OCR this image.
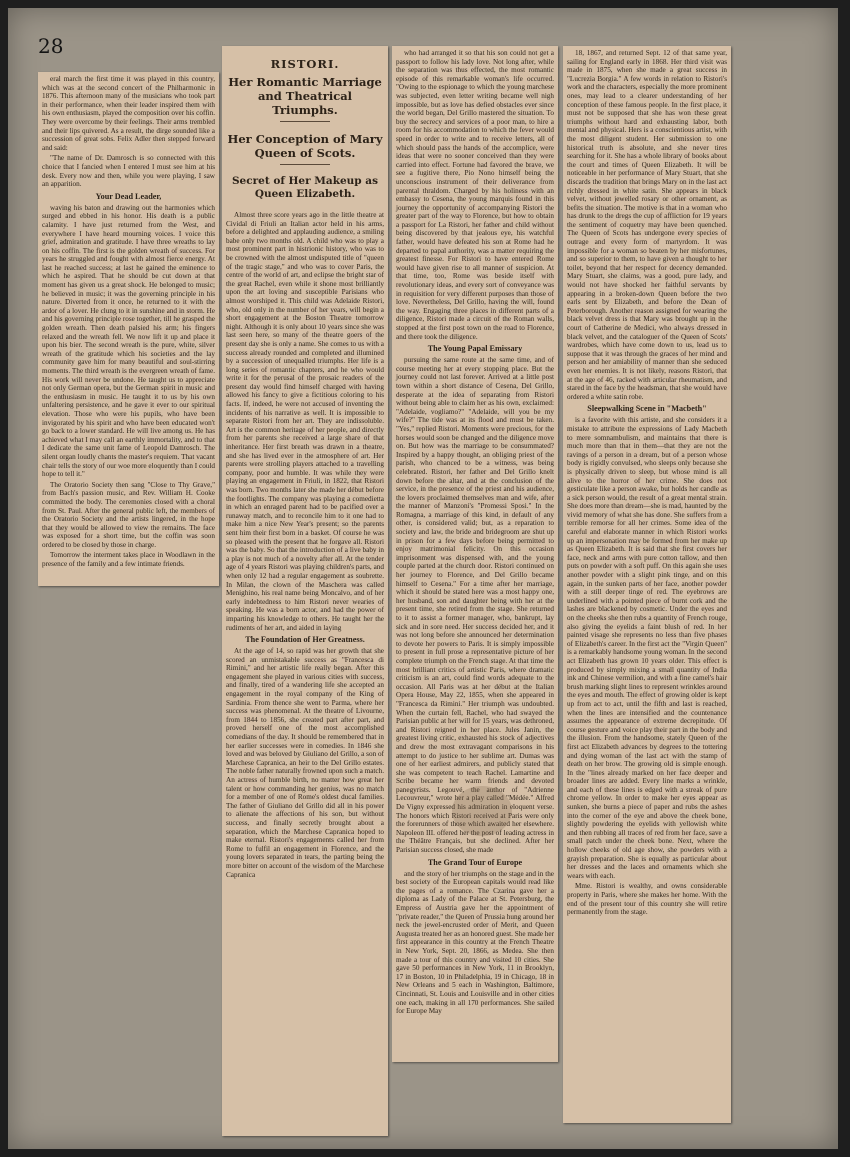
28

eral march the first time it was played in this country, which was at the second concert of the Philharmonic in 1876. This afternoon many of the musicians who took part in their performance, when their leader inspired them with his own enthusiasm, played the composition over his coffin. They were overcome by their feelings. Their arms trembled and their lips quivered. As a result, the dirge sounded like a succession of great sobs. Felix Adler then stepped forward and said:

"The name of Dr. Damrosch is so connected with this choice that I fancied when I entered I must see him at his desk. Every now and then, while you were playing, I saw an apparition.

Your Dead Leader,

waving his baton and drawing out the harmonies which surged and ebbed in his honor. His death is a public calamity. I have just returned from the West, and everywhere I have heard mourning voices. I voice this grief, admiration and gratitude. I have three wreaths to lay on his coffin. The first is the golden wreath of success. For years he struggled and fought with almost fierce energy. At last he reached success; at last he gained the eminence to which he aspired. That he should be cut down at that moment has given us a great shock. He belonged to music; he believed in music; it was the governing principle in his nature. Diverted from it once, he returned to it with the ardor of a lover. He clung to it in sunshine and in storm. He and his governing principle rose together, till he grasped the golden wreath. Then death palsied his arm; his fingers relaxed and the wreath fell. We now lift it up and place it upon his bier. The second wreath is the pure, white, silver wreath of the gratitude which his societies and the lay community gave him for many beautiful and soul-stirring moments. The third wreath is the evergreen wreath of fame. His work will never be undone. He taught us to appreciate not only German opera, but the German spirit in music and the enthusiasm in music. He taught it to us by his own unfaltering persistence, and he gave it ever to our spiritual elevation. Those who were his pupils, who have been invigorated by his spirit and who have been educated won't go back to a lower standard. He will live among us. He has achieved what I may call an earthly immortality, and to that I dedicate the same unit fame of Leopold Damrosch. The silent organ loudly chants the master's requiem. That vacant chair tells the story of our woe more eloquently than I could hope to tell it."

The Oratorio Society then sang "Close to Thy Grave," from Bach's passion music, and Rev. William H. Cooke committed the body. The ceremonies closed with a choral from St. Paul. After the general public left, the members of the Oratorio Society and the artists lingered, in the hope that they would be allowed to view the remains. The face was exposed for a short time, but the coffin was soon ordered to be closed by those in charge.

Tomorrow the interment takes place in Woodlawn in the presence of the family and a few intimate friends.

RISTORI.
Her Romantic Marriage and Theatrical Triumphs.
Her Conception of Mary Queen of Scots.
Secret of Her Makeup as Queen Elizabeth.

Almost three score years ago in the little theatre at Cividal di Friuli an Italian actor held in his arms, before a delighted and applauding audience, a smiling babe only two months old. A child who was to play a most prominent part in histrionic history, who was to be crowned with the almost undisputed title of "queen of the tragic stage," and who was to cover Paris, the centre of the world of art, and eclipse the bright star of the great Rachel, even while it shone most brilliantly upon the art loving and susceptible Parisians who almost worshiped it. This child was Adelaide Ristori, who, old only in the number of her years, will begin a short engagement at the Boston Theatre tomorrow night. Although it is only about 10 years since she was last seen here, so many of the theatre goers of the present day she is only a name. She comes to us with a success already rounded and completed and illumined by a succession of unequalled triumphs. Her life is a long series of romantic chapters, and he who would write it for the perusal of the prosaic readers of the present day would find himself charged with having allowed his fancy to give a fictitious coloring to his facts. If, indeed, he were not accused of inventing the incidents of his narrative as well. It is impossible to separate Ristori from her art. They are indissoluble. Art is the common heritage of her people, and directly from her parents she received a large share of that inheritance. Her first breath was drawn in a theatre, and she has lived ever in the atmosphere of art. Her parents were strolling players attached to a travelling company, poor and humble. It was while they were playing an engagement in Friuli, in 1822, that Ristori was born. Two months later she made her début before the footlights. The company was playing a comedietta in which an enraged parent had to be pacified over a runaway match, and to reconcile him to it one had to make him a nice New Year's present; so the parents sent him their first born in a basket. Of course he was so pleased with the present that he forgave all. Ristori was the baby. So that the introduction of a live baby in a play is not much of a novelty after all. At the tender age of 4 years Ristori was playing children's parts, and when only 12 had a regular engagement as soubrette. In Milan, the clown of the Maschera was called Menighino, his real name being Moncalvo, and of her early indebtedness to him Ristori never wearies of speaking. He was a born actor, and had the power of imparting his knowledge to others. He taught her the rudiments of her art, and aided in laying

The Foundation of Her Greatness.

At the age of 14, so rapid was her growth that she scored an unmistakable success as "Francesca di Rimini," and her artistic life really began. After this engagement she played in various cities with success, and finally, tired of a wandering life she accepted an engagement in the royal company of the King of Sardinia. From thence she went to Parma, where her success was phenomenal. At the theatre of Livourne, from 1844 to 1856, she created part after part, and proved herself one of the most accomplished comedians of the day. It should be remembered that in her earlier successes were in comedies. In 1846 she loved and was beloved by Giuliano del Grillo, a son of Marchese Capranica, an heir to the Del Grillo estates. The noble father naturally frowned upon such a match. An actress of humble birth, no matter how great her talent or how commanding her genius, was no match for a member of one of Rome's oldest ducal families. The father of Giuliano del Grillo did all in his power to alienate the affections of his son, but without success, and finally secretly brought about a separation, which the Marchese Capranica hoped to make eternal. Ristori's engagements called her from Rome to fulfil an engagement in Florence, and the young lovers separated in tears, the parting being the more bitter on account of the wisdom of the Marchese Capranica

who had arranged it so that his son could not get a passport to follow his lady love. Not long after, while the separation was thus effected, the most romantic episode of this remarkable woman's life occurred. "Owing to the espionage to which the young marchese was subjected, even letter writing became well nigh impossible, but as love has defied obstacles ever since the world began, Del Grillo mastered the situation. To buy the secrecy and services of a poor man, to hire a room for his accommodation to which the fever would speed in order to write and to receive letters, all of which should pass the hands of the accomplice, were ideas that were no sooner conceived than they were carried into effect. Fortune had favored the brave, we see a fugitive there, Pio Nono himself being the unconscious instrument of their deliverance from parental thraldom. Charged by his holiness with an embassy to Cesena, the young marquis found in this journey the opportunity of accompanying Ristori the greater part of the way to Florence, but how to obtain a passport for La Ristori, her father and child without being discovered by that jealous eye, his watchful father, would have defeated his son at Rome had he departed to papal authority, was a matter requiring the greatest finesse. For Ristori to have entered Rome would have given rise to all manner of suspicion. At that time, too, Rome was beside itself with revolutionary ideas, and every sort of conveyance was in requisition for very different purposes than those of love. Nevertheless, Del Grillo, having the will, found the way. Engaging three places in different parts of a diligence, Ristori made a circuit of the Roman walls, stopped at the first post town on the road to Florence, and there took the diligence.

The Young Papal Emissary

pursuing the same route at the same time, and of course meeting her at every stopping place. But the journey could not last forever. Arrived at a little post town within a short distance of Cesena, Del Grillo, desperate at the idea of separating from Ristori without being able to claim her as his own, exclaimed: "Adelaide, vogliamo?" "Adelaide, will you be my wife?" The tide was at its flood and must be taken. "Yes," replied Ristori. Moments were precious, for the horses would soon be changed and the diligence move on. But how was the marriage to be consummated? Inspired by a happy thought, an obliging priest of the parish, who chanced to be a witness, was being celebrated. Ristori, her father and Del Grillo knelt down before the altar, and at the conclusion of the service, in the presence of the priest and his audience, the lovers proclaimed themselves man and wife, after the manner of Manzoni's "Promessi Sposi." In the Romagna, a marriage of this kind, in default of any other, is considered valid; but, as a reparation to society and law, the bride and bridegroom are shut up in prison for a few days before being permitted to enjoy matrimonial felicity. On this occasion imprisonment was dispensed with, and the young couple parted at the church door. Ristori continued on her journey to Florence, and Del Grillo became himself to Cesena." For a time after her marriage, which it should be stated here was a most happy one, her husband, son and daughter being with her at the present time, she retired from the stage. She returned to it to assist a former manager, who, bankrupt, lay sick and in sore need. Her success decided her, and it was not long before she announced her determination to devote her powers to Paris. It is simply impossible to present in full prose a representative picture of her complete triumph on the French stage. At that time the most brilliant critics of artistic Paris, where dramatic criticism is an art, could find words adequate to the occasion. All Paris was at her début at the Italian Opera House, May 22, 1855, when she appeared in "Francesca da Rimini." Her triumph was undoubted. When the curtain fell, Rachel, who had swayed the Parisian public at her will for 15 years, was dethroned, and Ristori reigned in her place. Jules Janin, the greatest living critic, exhausted his stock of adjectives and drew the most extravagant comparisons in his attempt to do justice to her sublime art. Dumas was one of her earliest admirers, and publicly stated that she was competent to teach Rachel. Lamartine and Scribe became her warm friends and devoted panegyrists. Legouvé, the author of "Adrienne Lecouvreur," wrote her a play called "Médée." Alfred De Vigny expressed his admiration in eloquent verse. The honors which Ristori received at Paris were only the forerunners of those which awaited her elsewhere. Napoleon III. offered her the post of leading actress in the Théâtre Français, but she declined. After her Parisian success closed, she made

The Grand Tour of Europe

and the story of her triumphs on the stage and in the best society of the European capitals would read like the pages of a romance. The Czarina gave her a diploma as Lady of the Palace at St. Petersburg, the Empress of Austria gave her the appointment of "private reader," the Queen of Prussia hung around her neck the jewel-encrusted order of Merit, and Queen Augusta treated her as an honored guest. She made her first appearance in this country at the French Theatre in New York, Sept. 20, 1866, as Medea. She then made a tour of this country and visited 10 cities. She gave 50 performances in New York, 11 in Brooklyn, 17 in Boston, 10 in Philadelphia, 19 in Chicago, 18 in New Orleans and 5 each in Washington, Baltimore, Cincinnati, St. Louis and Louisville and in other cities one each, making in all 170 performances. She sailed for Europe May

18, 1867, and returned Sept. 12 of that same year, sailing for England early in 1868. Her third visit was made in 1875, when she made a great success in "Lucrezia Borgia." A few words in relation to Ristori's work and the characters, especially the more prominent ones, may lead to a clearer understanding of her conception of these famous people. In the first place, it must not be supposed that she has won these great triumphs without hard and exhausting labor, both mental and physical. Hers is a conscientious artist, with the most diligent student. Her submission to one historical truth is absolute, and she never tires searching for it. She has a whole library of books about the court and times of Queen Elizabeth. It will be noticeable in her performance of Mary Stuart, that she discards the tradition that brings Mary on in the last act richly dressed in white satin. She appears in black velvet, without jewelled rosary or other ornament, as befits the situation. The motive is that in a woman who has drunk to the dregs the cup of affliction for 19 years the sentiment of coquetry may have been quenched. The Queen of Scots has undergone every species of outrage and every form of martyrdom. It was impossible for a woman so beaten by her misfortunes, and so superior to them, to have given a thought to her toilet, beyond that her respect for decency demanded. Mary Stuart, she claims, was a good, pure lady, and would not have shocked her faithful servants by appearing in a broken-down Queen before the two earls sent by Elizabeth, and before the Dean of Peterborough. Another reason assigned for wearing the black velvet dress is that Mary was brought up in the court of Catherine de Medici, who always dressed in black velvet, and the cataloguer of the Queen of Scots' wardrobes, which have come down to us, lead us to suppose that it was through the graces of her mind and person and her amiability of manner than she seduced even her enemies. It is not likely, reasons Ristori, that at the age of 46, racked with articular rheumatism, and stared in the face by the headsman, that she would have ordered a white satin robe.

Sleepwalking Scene in "Macbeth"

is a favorite with this artiste, and she considers it a mistake to attribute the expressions of Lady Macbeth to mere somnambulism, and maintains that there is much more than that in them—that they are not the ravings of a person in a dream, but of a person whose body is rigidly convulsed, who sleeps only because she is physically driven to sleep, but whose mind is all alive to the horror of her crime. She does not gesticulate like a person awake, but holds her candle as a sick person would, the result of a great mental strain. She does more than dream—she is mad, haunted by the vivid memory of what she has done. She suffers from a terrible remorse for all her crimes. Some idea of the careful and elaborate manner in which Ristori works up an impersonation may be formed from her make up as Queen Elizabeth. It is said that she first covers her face, neck and arms with pure cotton tallow, and then puts on powder with a soft puff. On this again she uses another powder with a slight pink tinge, and on this again, in the sunken parts of her face, another powder with a still deeper tinge of red. The eyebrows are underlined with a pointed piece of burnt cork and the lashes are blackened by cosmetic. Under the eyes and on the cheeks she then rubs a quantity of French rouge, also giving the eyelids a faint blush of red. In her painted visage she represents no less than five phases of Elizabeth's career. In the first act the "Virgin Queen" is a remarkably handsome young woman. In the second act Elizabeth has grown 10 years older. This effect is produced by simply mixing a small quantity of India ink and Chinese vermilion, and with a fine camel's hair brush marking slight lines to represent wrinkles around the eyes and mouth. The effect of growing older is kept up from act to act, until the fifth and last is reached, when the lines are intensified and the countenance assumes the appearance of extreme decrepitude. Of course gesture and voice play their part in the body and the illusion. From the handsome, stately Queen of the first act Elizabeth advances by degrees to the tottering and dying woman of the last act with the stamp of death on her brow. The growing old is simple enough. In the "lines already marked on her face deeper and broader lines are added. Every line marks a wrinkle, and each of these lines is edged with a streak of pure chrome yellow. In order to make her eyes appear as sunken, she burns a piece of paper and rubs the ashes into the corner of the eye and above the cheek bone, slightly powdering the eyelids with yellowish white and then rubbing all traces of red from her face, save a small patch under the cheek bone. Next, where the hollow cheeks of old age show, she powders with a grayish preparation. She is equally as particular about her dresses and the laces and ornaments which she wears with each.

Mme. Ristori is wealthy, and owns considerable property in Paris, where she makes her home. With the end of the present tour of this country she will retire permanently from the stage.
